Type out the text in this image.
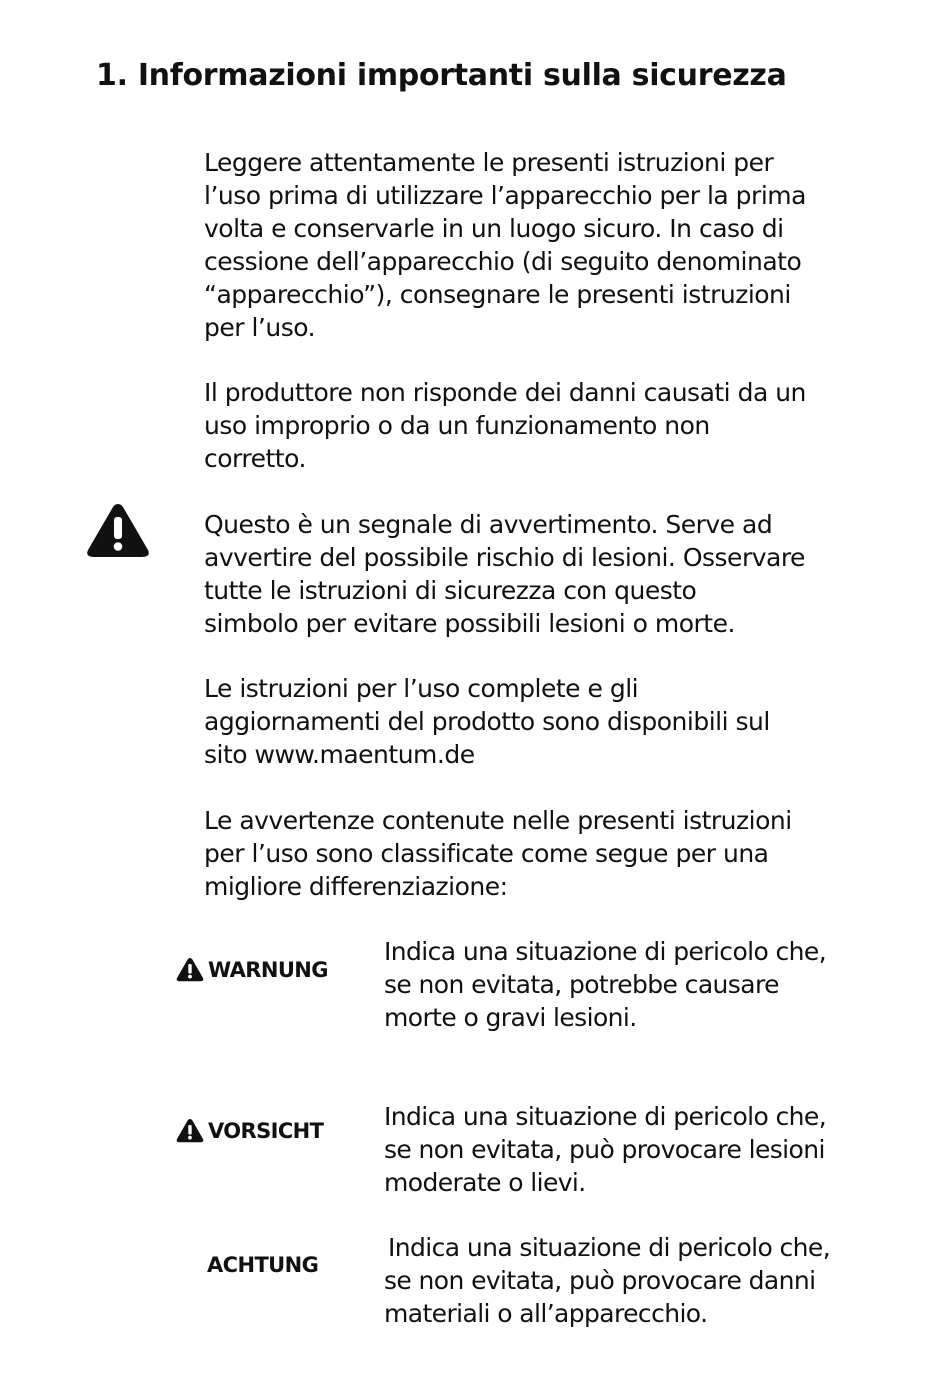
1. Informazioni importanti sulla sicurezza

Leggere attentamente le presenti istruzioni per
l’uso prima di utilizzare l’apparecchio per la prima
volta e conservarle in un luogo sicuro. In caso di
cessione dell’apparecchio (di seguito denominato
“apparecchio”), consegnare le presenti istruzioni
per l’uso.

Il produttore non risponde dei danni causati da un
uso improprio o da un funzionamento non
corretto.

Questo è un segnale di avvertimento. Serve ad
avvertire del possibile rischio di lesioni. Osservare
tutte le istruzioni di sicurezza con questo
simbolo per evitare possibili lesioni o morte.

Le istruzioni per l’uso complete e gli
aggiornamenti del prodotto sono disponibili sul
sito www.maentum.de

Le avvertenze contenute nelle presenti istruzioni
per l’uso sono classificate come segue per una
migliore differenziazione:

WARNUNG

Indica una situazione di pericolo che,
se non evitata, potrebbe causare
morte o gravi lesioni.

VORSICHT Indica una situazione di pericolo che,
se non evitata, può provocare lesioni
moderate o lievi.

ACHTUNG

Indica una situazione di pericolo che,
se non evitata, può provocare danni
materiali o all’apparecchio.
